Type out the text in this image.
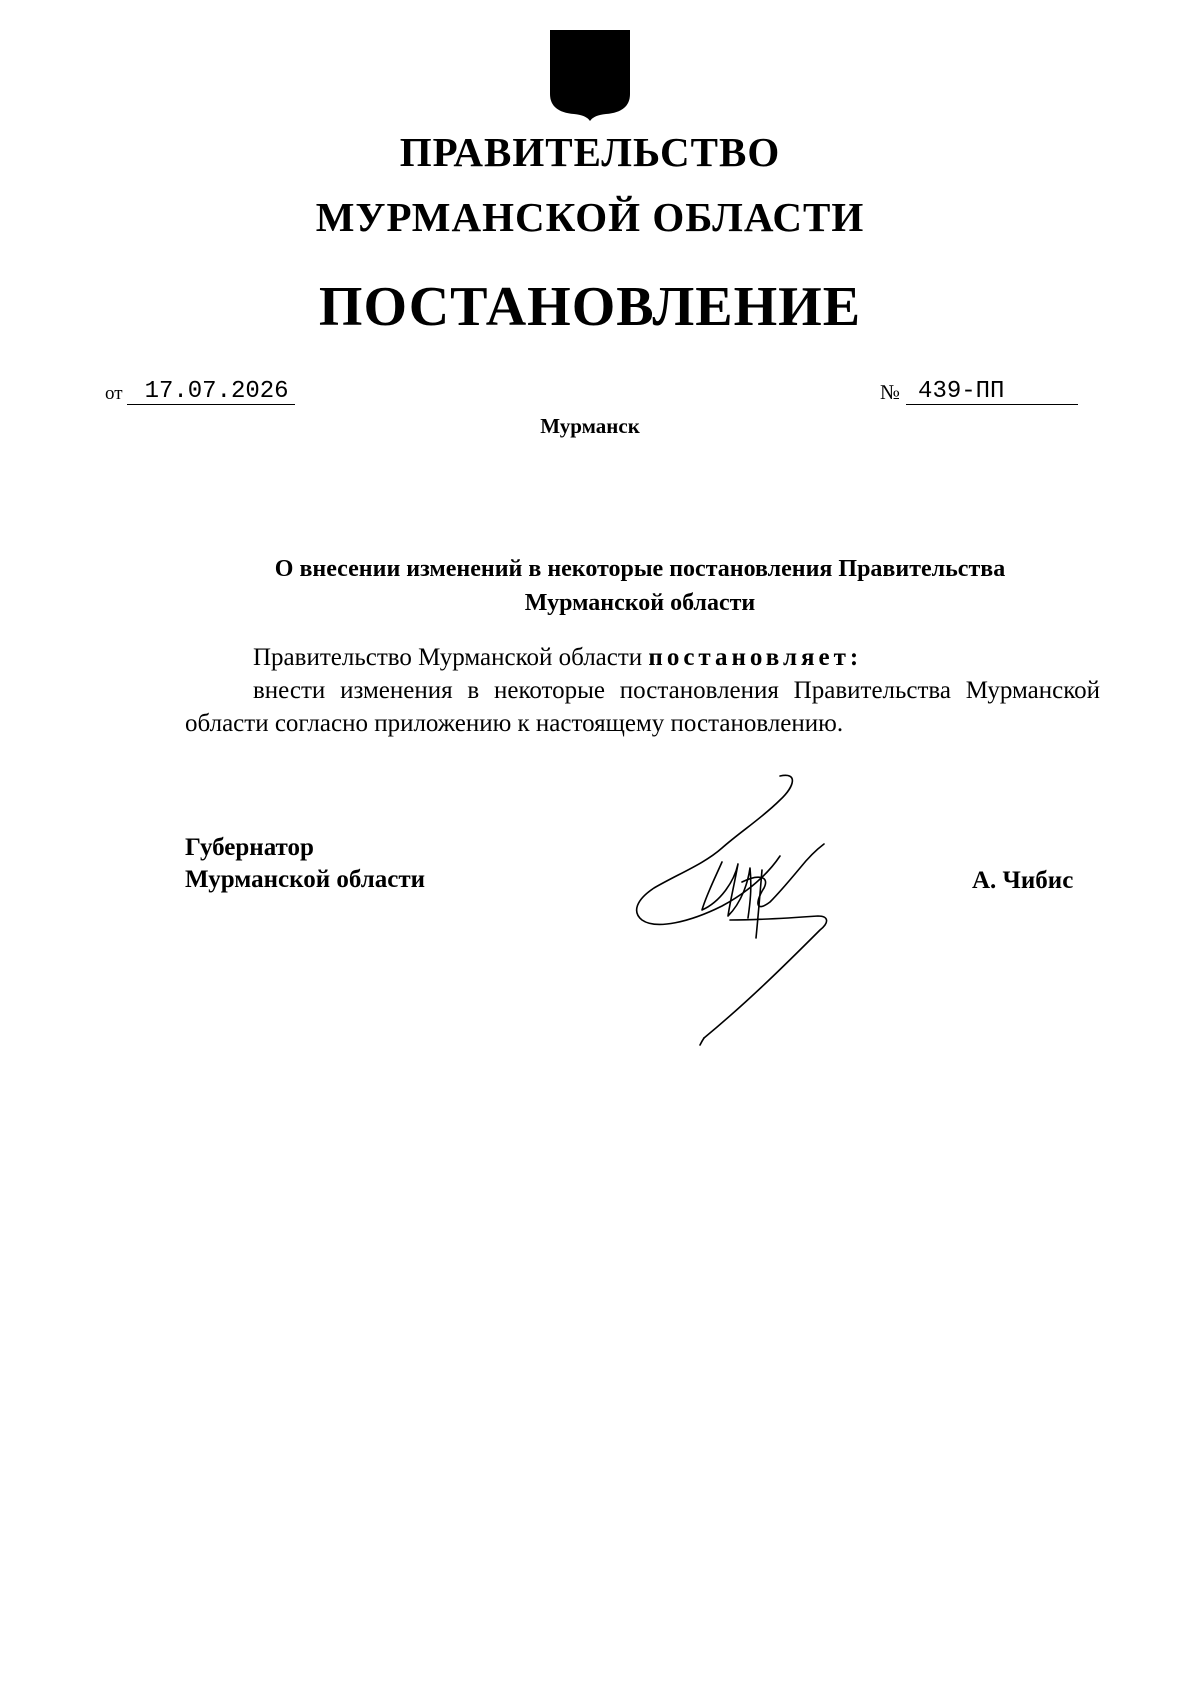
ПРАВИТЕЛЬСТВО
МУРМАНСКОЙ ОБЛАСТИ
ПОСТАНОВЛЕНИЕ
от 17.07.2026	№ 439-ПП
Мурманск
О внесении изменений в некоторые постановления Правительства
Мурманской области

Правительство Мурманской области постановляет:

внести изменения в некоторые постановления Правительства Мурманской области согласно приложению к настоящему постановлению.

Губернатор
Мурманской области	А. Чибис
